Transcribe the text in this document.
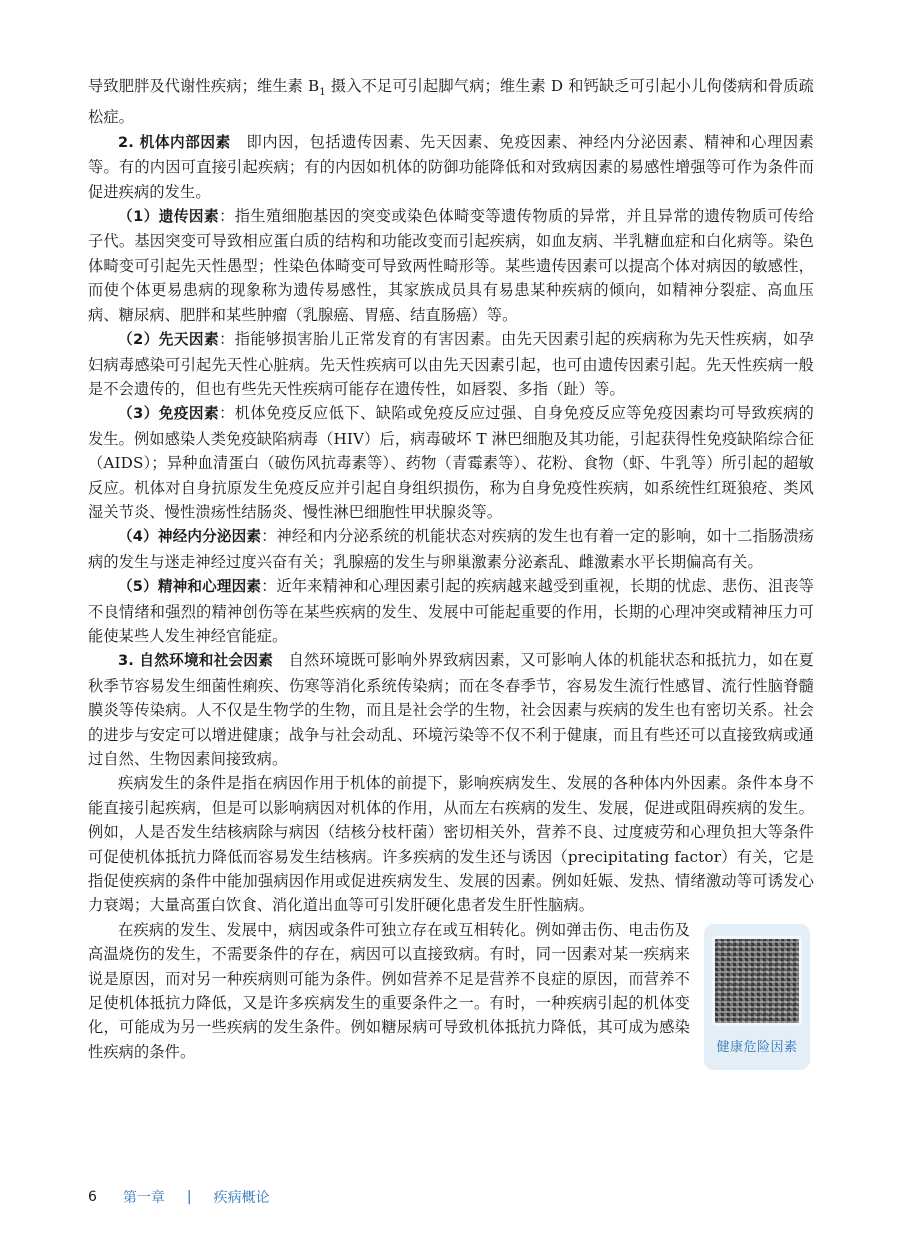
导致肥胖及代谢性疾病；维生素 $B_1$ 摄入不足可引起脚气病；维生素 D 和钙缺乏可引起小儿佝偻病和骨质疏松症。

2. 机体内部因素　即内因，包括遗传因素、先天因素、免疫因素、神经内分泌因素、精神和心理因素等。有的内因可直接引起疾病；有的内因如机体的防御功能降低和对致病因素的易感性增强等可作为条件而促进疾病的发生。

（1）遗传因素：指生殖细胞基因的突变或染色体畸变等遗传物质的异常，并且异常的遗传物质可传给子代。基因突变可导致相应蛋白质的结构和功能改变而引起疾病，如血友病、半乳糖血症和白化病等。染色体畸变可引起先天性愚型；性染色体畸变可导致两性畸形等。某些遗传因素可以提高个体对病因的敏感性，而使个体更易患病的现象称为遗传易感性，其家族成员具有易患某种疾病的倾向，如精神分裂症、高血压病、糖尿病、肥胖和某些肿瘤（乳腺癌、胃癌、结直肠癌）等。

（2）先天因素：指能够损害胎儿正常发育的有害因素。由先天因素引起的疾病称为先天性疾病，如孕妇病毒感染可引起先天性心脏病。先天性疾病可以由先天因素引起，也可由遗传因素引起。先天性疾病一般是不会遗传的，但也有些先天性疾病可能存在遗传性，如唇裂、多指（趾）等。

（3）免疫因素：机体免疫反应低下、缺陷或免疫反应过强、自身免疫反应等免疫因素均可导致疾病的发生。例如感染人类免疫缺陷病毒（HIV）后，病毒破坏 T 淋巴细胞及其功能，引起获得性免疫缺陷综合征（AIDS）；异种血清蛋白（破伤风抗毒素等）、药物（青霉素等）、花粉、食物（虾、牛乳等）所引起的超敏反应。机体对自身抗原发生免疫反应并引起自身组织损伤，称为自身免疫性疾病，如系统性红斑狼疮、类风湿关节炎、慢性溃疡性结肠炎、慢性淋巴细胞性甲状腺炎等。

（4）神经内分泌因素：神经和内分泌系统的机能状态对疾病的发生也有着一定的影响，如十二指肠溃疡病的发生与迷走神经过度兴奋有关；乳腺癌的发生与卵巢激素分泌紊乱、雌激素水平长期偏高有关。

（5）精神和心理因素：近年来精神和心理因素引起的疾病越来越受到重视，长期的忧虑、悲伤、沮丧等不良情绪和强烈的精神创伤等在某些疾病的发生、发展中可能起重要的作用，长期的心理冲突或精神压力可能使某些人发生神经官能症。

3. 自然环境和社会因素　自然环境既可影响外界致病因素，又可影响人体的机能状态和抵抗力，如在夏秋季节容易发生细菌性痢疾、伤寒等消化系统传染病；而在冬春季节，容易发生流行性感冒、流行性脑脊髓膜炎等传染病。人不仅是生物学的生物，而且是社会学的生物，社会因素与疾病的发生也有密切关系。社会的进步与安定可以增进健康；战争与社会动乱、环境污染等不仅不利于健康，而且有些还可以直接致病或通过自然、生物因素间接致病。

疾病发生的条件是指在病因作用于机体的前提下，影响疾病发生、发展的各种体内外因素。条件本身不能直接引起疾病，但是可以影响病因对机体的作用，从而左右疾病的发生、发展，促进或阻碍疾病的发生。例如，人是否发生结核病除与病因（结核分枝杆菌）密切相关外，营养不良、过度疲劳和心理负担大等条件可促使机体抵抗力降低而容易发生结核病。许多疾病的发生还与诱因（precipitating factor）有关，它是指促使疾病的条件中能加强病因作用或促进疾病发生、发展的因素。例如妊娠、发热、情绪激动等可诱发心力衰竭；大量高蛋白饮食、消化道出血等可引发肝硬化患者发生肝性脑病。

健康危险因素

在疾病的发生、发展中，病因或条件可独立存在或互相转化。例如弹击伤、电击伤及高温烧伤的发生，不需要条件的存在，病因可以直接致病。有时，同一因素对某一疾病来说是原因，而对另一种疾病则可能为条件。例如营养不足是营养不良症的原因，而营养不足使机体抵抗力降低，又是许多疾病发生的重要条件之一。有时，一种疾病引起的机体变化，可能成为另一些疾病的发生条件。例如糖尿病可导致机体抵抗力降低，其可成为感染性疾病的条件。

6 第一章 | 疾病概论
